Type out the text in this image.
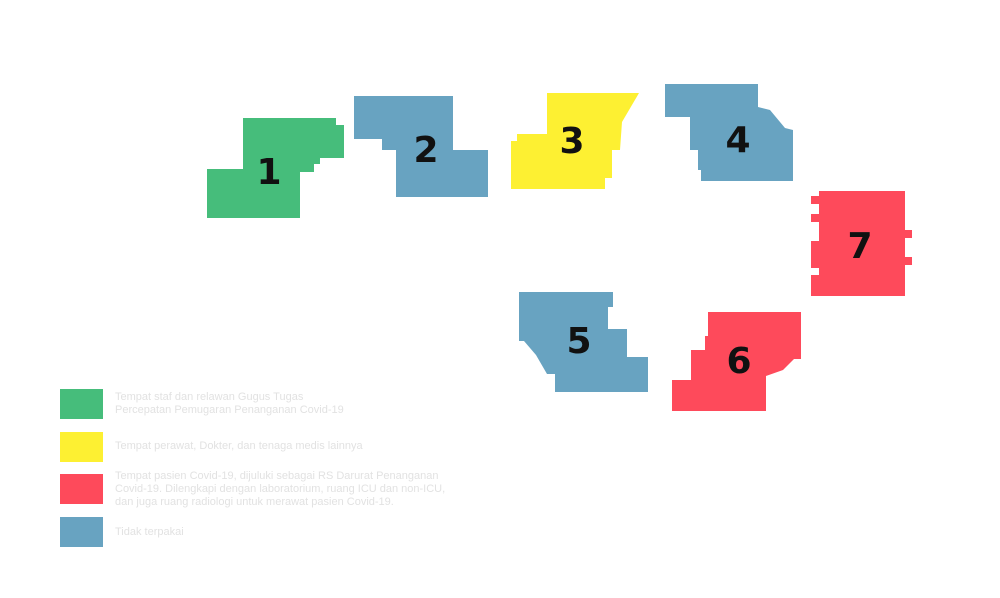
1
2	3	4
5	6
7
Tempat staf dan relawan Gugus Tugas
Percepatan Pemugaran Penanganan Covid-19
Tempat perawat, Dokter, dan tenaga medis lainnya
Tempat pasien Covid-19, dijuluki sebagai RS Darurat Penanganan
Covid-19. Dilengkapi dengan laboratorium, ruang ICU dan non-ICU,
dan juga ruang radiologi untuk merawat pasien Covid-19.
Tidak terpakai
